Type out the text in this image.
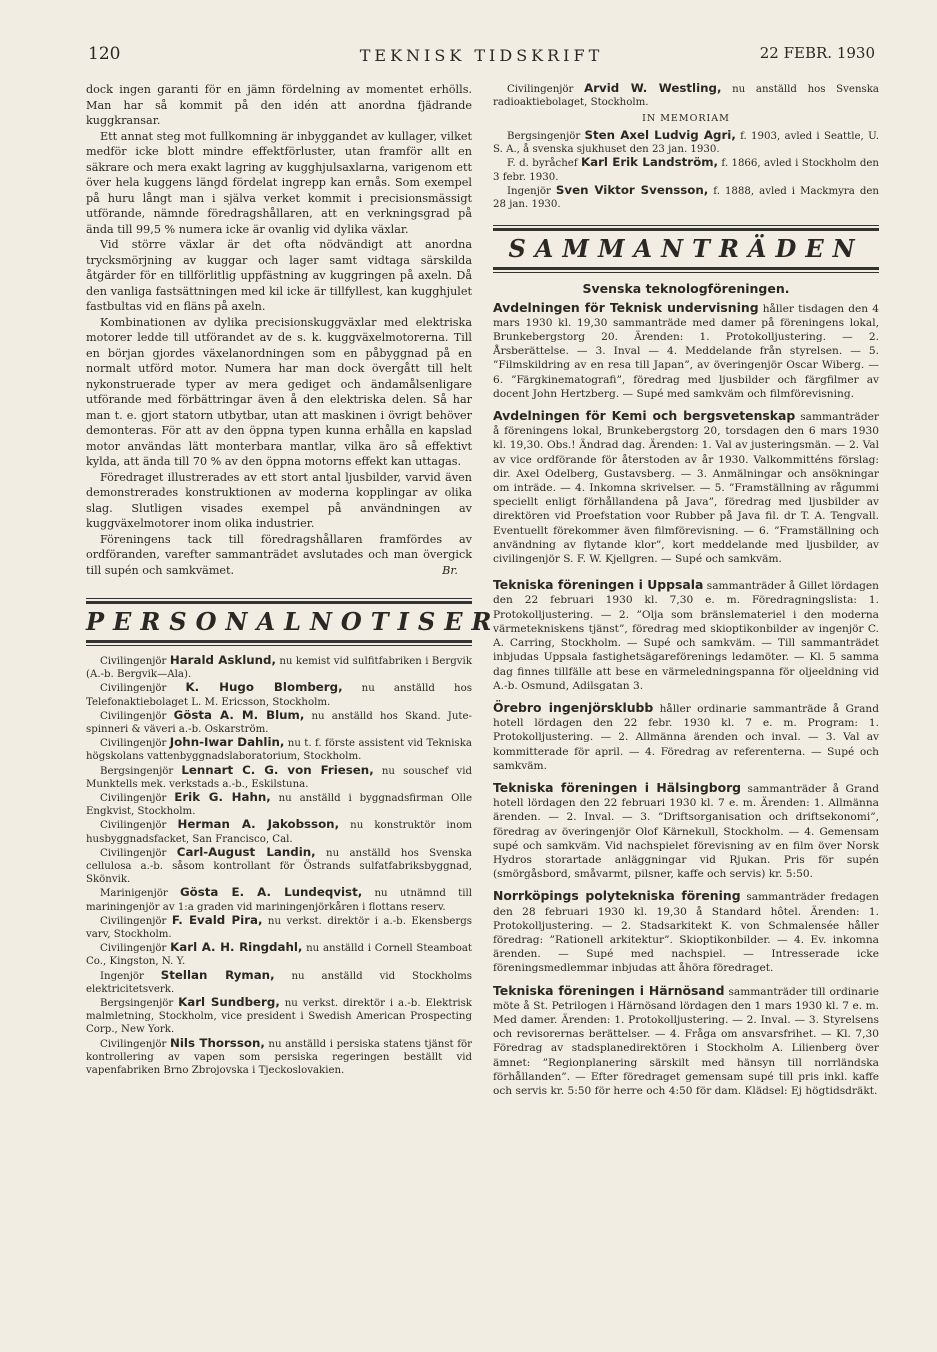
120	TEKNISK TIDSKRIFT	22 FEBR. 1930

dock ingen garanti för en jämn fördelning av momentet erhölls. Man har så kommit på den idén att anordna fjädrande kuggkransar.

Ett annat steg mot fullkomning är inbyggandet av kullager, vilket medför icke blott mindre effektförluster, utan framför allt en säkrare och mera exakt lagring av kugghjulsaxlarna, varigenom ett över hela kuggens längd fördelat ingrepp kan ernås. Som exempel på huru långt man i själva verket kommit i precisionsmässigt utförande, nämnde föredragshållaren, att en verkningsgrad på ända till 99,5 % numera icke är ovanlig vid dylika växlar.

Vid större växlar är det ofta nödvändigt att anordna trycksmörjning av kuggar och lager samt vidtaga särskilda åtgärder för en tillförlitlig uppfästning av kuggringen på axeln. Då den vanliga fastsättningen med kil icke är tillfyllest, kan kugghjulet fastbultas vid en fläns på axeln.

Kombinationen av dylika precisionskuggväxlar med elektriska motorer ledde till utförandet av de s. k. kuggväxelmotorerna. Till en början gjordes växelanordningen som en påbyggnad på en normalt utförd motor. Numera har man dock övergått till helt nykonstruerade typer av mera gediget och ändamålsenligare utförande med förbättringar även å den elektriska delen. Så har man t. e. gjort statorn utbytbar, utan att maskinen i övrigt behöver demonteras. För att av den öppna typen kunna erhålla en kapslad motor användas lätt monterbara mantlar, vilka äro så effektivt kylda, att ända till 70 % av den öppna motorns effekt kan uttagas.

Föredraget illustrerades av ett stort antal ljusbilder, varvid även demonstrerades konstruktionen av moderna kopplingar av olika slag. Slutligen visades exempel på användningen av kuggväxelmotorer inom olika industrier.

Föreningens tack till föredragshållaren framfördes av ordföranden, varefter sammanträdet avslutades och man övergick till supén och samkvämet.	Br.

PERSONALNOTISER

Civilingenjör Harald Asklund, nu kemist vid sulfitfabriken i Bergvik (A.-b. Bergvik—Ala).

Civilingenjör K. Hugo Blomberg, nu anställd hos Telefonaktiebolaget L. M. Ericsson, Stockholm.

Civilingenjör Gösta A. M. Blum, nu anställd hos Skand. Jute-spinneri & väveri a.-b. Oskarström.

Civilingenjör John-Iwar Dahlin, nu t. f. förste assistent vid Tekniska högskolans vattenbyggnadslaboratorium, Stockholm.

Bergsingenjör Lennart C. G. von Friesen, nu souschef vid Munktells mek. verkstads a.-b., Eskilstuna.

Civilingenjör Erik G. Hahn, nu anställd i byggnadsfirman Olle Engkvist, Stockholm.

Civilingenjör Herman A. Jakobsson, nu konstruktör inom husbyggnadsfacket, San Francisco, Cal.

Civilingenjör Carl-August Landin, nu anställd hos Svenska cellulosa a.-b. såsom kontrollant för Östrands sulfatfabriksbyggnad, Skönvik.

Marinigenjör Gösta E. A. Lundeqvist, nu utnämnd till mariningenjör av 1:a graden vid mariningenjörkåren i flottans reserv.

Civilingenjör F. Evald Pira, nu verkst. direktör i a.-b. Ekensbergs varv, Stockholm.

Civilingenjör Karl A. H. Ringdahl, nu anställd i Cornell Steamboat Co., Kingston, N. Y.

Ingenjör Stellan Ryman, nu anställd vid Stockholms elektricitetsverk.

Bergsingenjör Karl Sundberg, nu verkst. direktör i a.-b. Elektrisk malmletning, Stockholm, vice president i Swedish American Prospecting Corp., New York.

Civilingenjör Nils Thorsson, nu anställd i persiska statens tjänst för kontrollering av vapen som persiska regeringen beställt vid vapenfabriken Brno Zbrojovska i Tjeckoslovakien.

Civilingenjör Arvid W. Westling, nu anställd hos Svenska radioaktiebolaget, Stockholm.

IN MEMORIAM

Bergsingenjör Sten Axel Ludvig Agri, f. 1903, avled i Seattle, U. S. A., å svenska sjukhuset den 23 jan. 1930.

F. d. byråchef Karl Erik Landström, f. 1866, avled i Stockholm den 3 febr. 1930.

Ingenjör Sven Viktor Svensson, f. 1888, avled i Mackmyra den 28 jan. 1930.

SAMMANTRÄDEN
Svenska teknologföreningen.

Avdelningen för Teknisk undervisning håller tisdagen den 4 mars 1930 kl. 19,30 sammanträde med damer på föreningens lokal, Brunkebergstorg 20. Ärenden: 1. Protokolljustering. — 2. Årsberättelse. — 3. Inval — 4. Meddelande från styrelsen. — 5. ”Filmskildring av en resa till Japan”, av överingenjör Oscar Wiberg. — 6. ”Färgkinematografi”, föredrag med ljusbilder och färgfilmer av docent John Hertzberg. — Supé med samkväm och filmförevisning.

Avdelningen för Kemi och bergsvetenskap sammanträder å föreningens lokal, Brunkebergstorg 20, torsdagen den 6 mars 1930 kl. 19,30. Obs.! Ändrad dag. Ärenden: 1. Val av justeringsmän. — 2. Val av vice ordförande för återstoden av år 1930. Valkommitténs förslag: dir. Axel Odelberg, Gustavsberg. — 3. Anmälningar och ansökningar om inträde. — 4. Inkomna skrivelser. — 5. ”Framställning av rågummi speciellt enligt förhållandena på Java”, föredrag med ljusbilder av direktören vid Proefstation voor Rubber på Java fil. dr T. A. Tengvall. Eventuellt förekommer även filmförevisning. — 6. ”Framställning och användning av flytande klor”, kort meddelande med ljusbilder, av civilingenjör S. F. W. Kjellgren. — Supé och samkväm.

Tekniska föreningen i Uppsala sammanträder å Gillet lördagen den 22 februari 1930 kl. 7,30 e. m. Föredragningslista: 1. Protokolljustering. — 2. ”Olja som bränslemateriel i den moderna värmetekniskens tjänst”, föredrag med skioptikonbilder av ingenjör C. A. Carring, Stockholm. — Supé och samkväm. — Till sammanträdet inbjudas Uppsala fastighetsägareförenings ledamöter. — Kl. 5 samma dag finnes tillfälle att bese en värmeledningspanna för oljeeldning vid A.-b. Osmund, Adilsgatan 3.

Örebro ingenjörsklubb håller ordinarie sammanträde å Grand hotell lördagen den 22 febr. 1930 kl. 7 e. m. Program: 1. Protokolljustering. — 2. Allmänna ärenden och inval. — 3. Val av kommitterade för april. — 4. Föredrag av referenterna. — Supé och samkväm.

Tekniska föreningen i Hälsingborg sammanträder å Grand hotell lördagen den 22 februari 1930 kl. 7 e. m. Ärenden: 1. Allmänna ärenden. — 2. Inval. — 3. ”Driftsorganisation och driftsekonomi”, föredrag av överingenjör Olof Kärnekull, Stockholm. — 4. Gemensam supé och samkväm. Vid nachspielet förevisning av en film över Norsk Hydros storartade anläggningar vid Rjukan. Pris för supén (smörgåsbord, småvarmt, pilsner, kaffe och servis) kr. 5:50.

Norrköpings polytekniska förening sammanträder fredagen den 28 februari 1930 kl. 19,30 å Standard hôtel. Ärenden: 1. Protokolljustering. — 2. Stadsarkitekt K. von Schmalensée håller föredrag: ”Rationell arkitektur”. Skioptikonbilder. — 4. Ev. inkomna ärenden. — Supé med nachspiel. — Intresserade icke föreningsmedlemmar inbjudas att åhöra föredraget.

Tekniska föreningen i Härnösand sammanträder till ordinarie möte å St. Petrilogen i Härnösand lördagen den 1 mars 1930 kl. 7 e. m. Med damer. Ärenden: 1. Protokolljustering. — 2. Inval. — 3. Styrelsens och revisorernas berättelser. — 4. Fråga om ansvarsfrihet. — Kl. 7,30 Föredrag av stadsplanedirektören i Stockholm A. Lilienberg över ämnet: ”Regionplanering särskilt med hänsyn till norrländska förhållanden”. — Efter föredraget gemensam supé till pris inkl. kaffe och servis kr. 5:50 för herre och 4:50 för dam. Klädsel: Ej högtidsdräkt.
